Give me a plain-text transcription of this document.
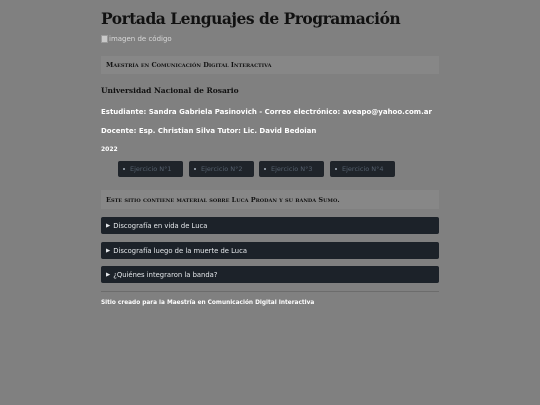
Portada Lenguajes de Programación
imagen de código
Maestría en Comunicación Digital Interactiva
Universidad Nacional de Rosario
Estudiante: Sandra Gabriela Pasinovich - Correo electrónico: aveapo@yahoo.com.ar
Docente: Esp. Christian Silva Tutor: Lic. David Bedoian
2022
Este sitio contiene material sobre Luca Prodan y su banda Sumo.
▶ Discografía en vida de Luca
▶ Discografía luego de la muerte de Luca
▶ ¿Quiénes integraron la banda?
Sitio creado para la Maestría en Comunicación Digital Interactiva
Ejercicio N°1	Ejercicio N°2	Ejercicio N°3	Ejercicio N°4
